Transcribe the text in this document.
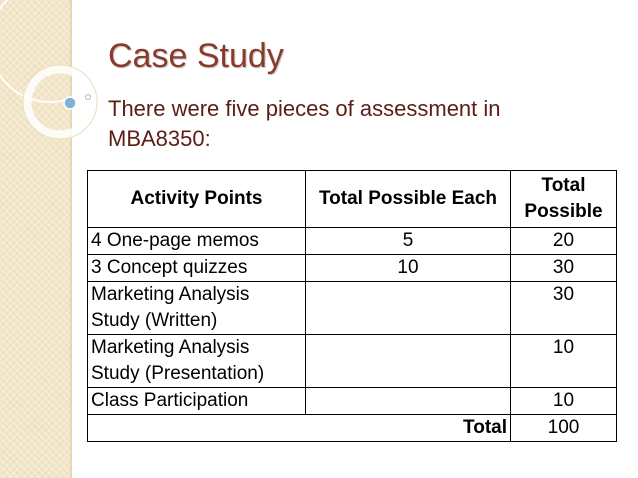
Case Study
There were five pieces of assessment in MBA8350:
Activity Points	Total Possible Each	Total Possible
4 One-page memos	5	20
3 Concept quizzes	10	30
Marketing Analysis Study (Written)		30
Marketing Analysis Study (Presentation)		10
Class Participation		10
Total		100
